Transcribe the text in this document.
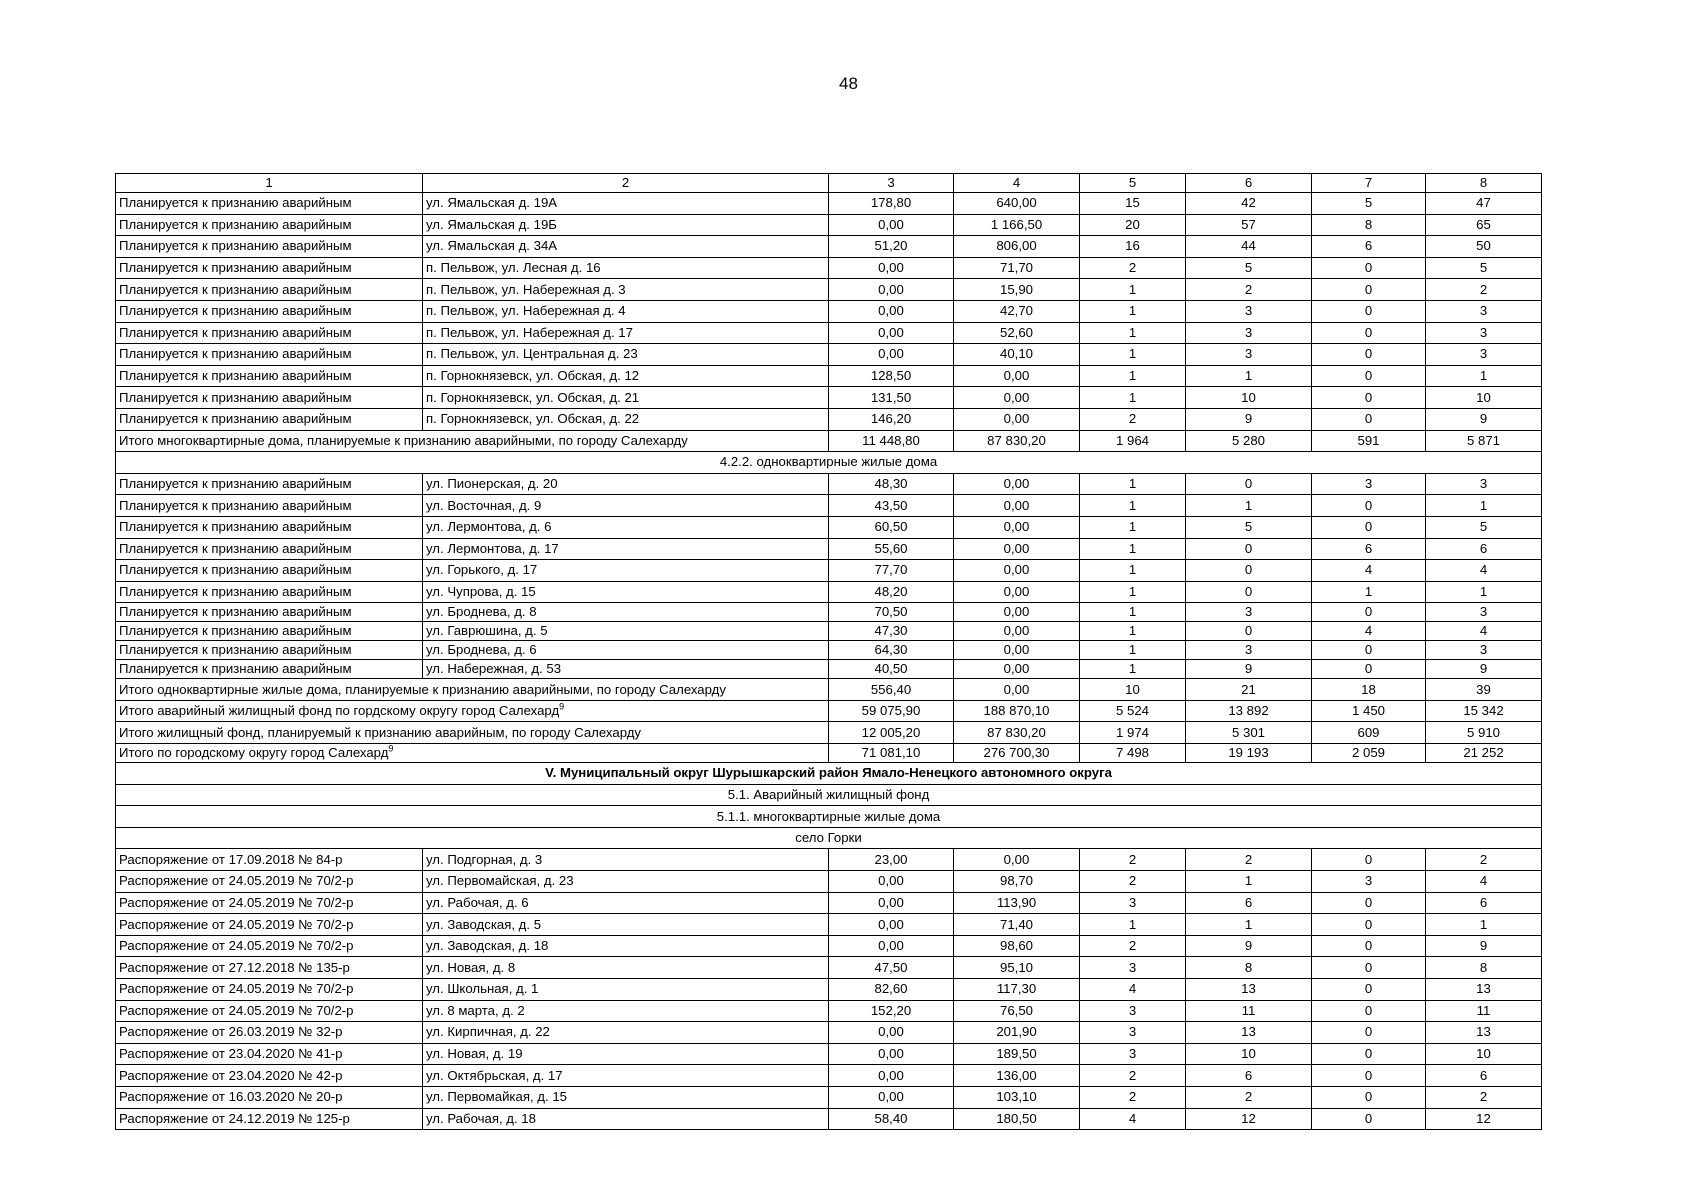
48
1	2	3	4	5	6	7	8
Планируется к признанию аварийным	ул. Ямальская д. 19А	178,80	640,00	15	42	5	47
Планируется к признанию аварийным	ул. Ямальская д. 19Б	0,00	1 166,50	20	57	8	65
Планируется к признанию аварийным	ул. Ямальская д. 34А	51,20	806,00	16	44	6	50
Планируется к признанию аварийным	п. Пельвож, ул. Лесная д. 16	0,00	71,70	2	5	0	5
Планируется к признанию аварийным	п. Пельвож, ул. Набережная д. 3	0,00	15,90	1	2	0	2
Планируется к признанию аварийным	п. Пельвож, ул. Набережная д. 4	0,00	42,70	1	3	0	3
Планируется к признанию аварийным	п. Пельвож, ул. Набережная д. 17	0,00	52,60	1	3	0	3
Планируется к признанию аварийным	п. Пельвож, ул. Центральная д. 23	0,00	40,10	1	3	0	3
Планируется к признанию аварийным	п. Горнокнязевск, ул. Обская, д. 12	128,50	0,00	1	1	0	1
Планируется к признанию аварийным	п. Горнокнязевск, ул. Обская, д. 21	131,50	0,00	1	10	0	10
Планируется к признанию аварийным	п. Горнокнязевск, ул. Обская, д. 22	146,20	0,00	2	9	0	9
Итого многоквартирные дома, планируемые к признанию аварийными, по городу Салехарду		11 448,80	87 830,20	1 964	5 280	591	5 871
4.2.2. одноквартирные жилые дома							
Планируется к признанию аварийным	ул. Пионерская, д. 20	48,30	0,00	1	0	3	3
Планируется к признанию аварийным	ул. Восточная, д. 9	43,50	0,00	1	1	0	1
Планируется к признанию аварийным	ул. Лермонтова, д. 6	60,50	0,00	1	5	0	5
Планируется к признанию аварийным	ул. Лермонтова, д. 17	55,60	0,00	1	0	6	6
Планируется к признанию аварийным	ул. Горького, д. 17	77,70	0,00	1	0	4	4
Планируется к признанию аварийным	ул. Чупрова, д. 15	48,20	0,00	1	0	1	1
Планируется к признанию аварийным	ул. Броднева, д. 8	70,50	0,00	1	3	0	3
Планируется к признанию аварийным	ул. Гаврюшина, д. 5	47,30	0,00	1	0	4	4
Планируется к признанию аварийным	ул. Броднева, д. 6	64,30	0,00	1	3	0	3
Планируется к признанию аварийным	ул. Набережная, д. 53	40,50	0,00	1	9	0	9
Итого одноквартирные жилые дома, планируемые к признанию аварийными, по городу Салехарду		556,40	0,00	10	21	18	39
Итого аварийный жилищный фонд по гордскому округу город Салехард$^9$		59 075,90	188 870,10	5 524	13 892	1 450	15 342
Итого жилищный фонд, планируемый к признанию аварийным, по городу Салехарду		12 005,20	87 830,20	1 974	5 301	609	5 910
Итого по городскому округу город Салехард$^9$		71 081,10	276 700,30	7 498	19 193	2 059	21 252
V. Муниципальный округ Шурышкарский район Ямало-Ненецкого автономного округа							
5.1. Аварийный жилищный фонд							
5.1.1. многоквартирные жилые дома							
село Горки							
Распоряжение от 17.09.2018 № 84-р	ул. Подгорная, д. 3	23,00	0,00	2	2	0	2
Распоряжение от 24.05.2019 № 70/2-р	ул. Первомайская, д. 23	0,00	98,70	2	1	3	4
Распоряжение от 24.05.2019 № 70/2-р	ул. Рабочая, д. 6	0,00	113,90	3	6	0	6
Распоряжение от 24.05.2019 № 70/2-р	ул. Заводская, д. 5	0,00	71,40	1	1	0	1
Распоряжение от 24.05.2019 № 70/2-р	ул. Заводская, д. 18	0,00	98,60	2	9	0	9
Распоряжение от 27.12.2018 № 135-р	ул. Новая, д. 8	47,50	95,10	3	8	0	8
Распоряжение от 24.05.2019 № 70/2-р	ул. Школьная, д. 1	82,60	117,30	4	13	0	13
Распоряжение от 24.05.2019 № 70/2-р	ул. 8 марта, д. 2	152,20	76,50	3	11	0	11
Распоряжение от 26.03.2019 № 32-р	ул. Кирпичная, д. 22	0,00	201,90	3	13	0	13
Распоряжение от 23.04.2020 № 41-р	ул. Новая, д. 19	0,00	189,50	3	10	0	10
Распоряжение от 23.04.2020 № 42-р	ул. Октябрьская, д. 17	0,00	136,00	2	6	0	6
Распоряжение от 16.03.2020 № 20-р	ул. Первомайкая, д. 15	0,00	103,10	2	2	0	2
Распоряжение от 24.12.2019 № 125-р	ул. Рабочая, д. 18	58,40	180,50	4	12	0	12
